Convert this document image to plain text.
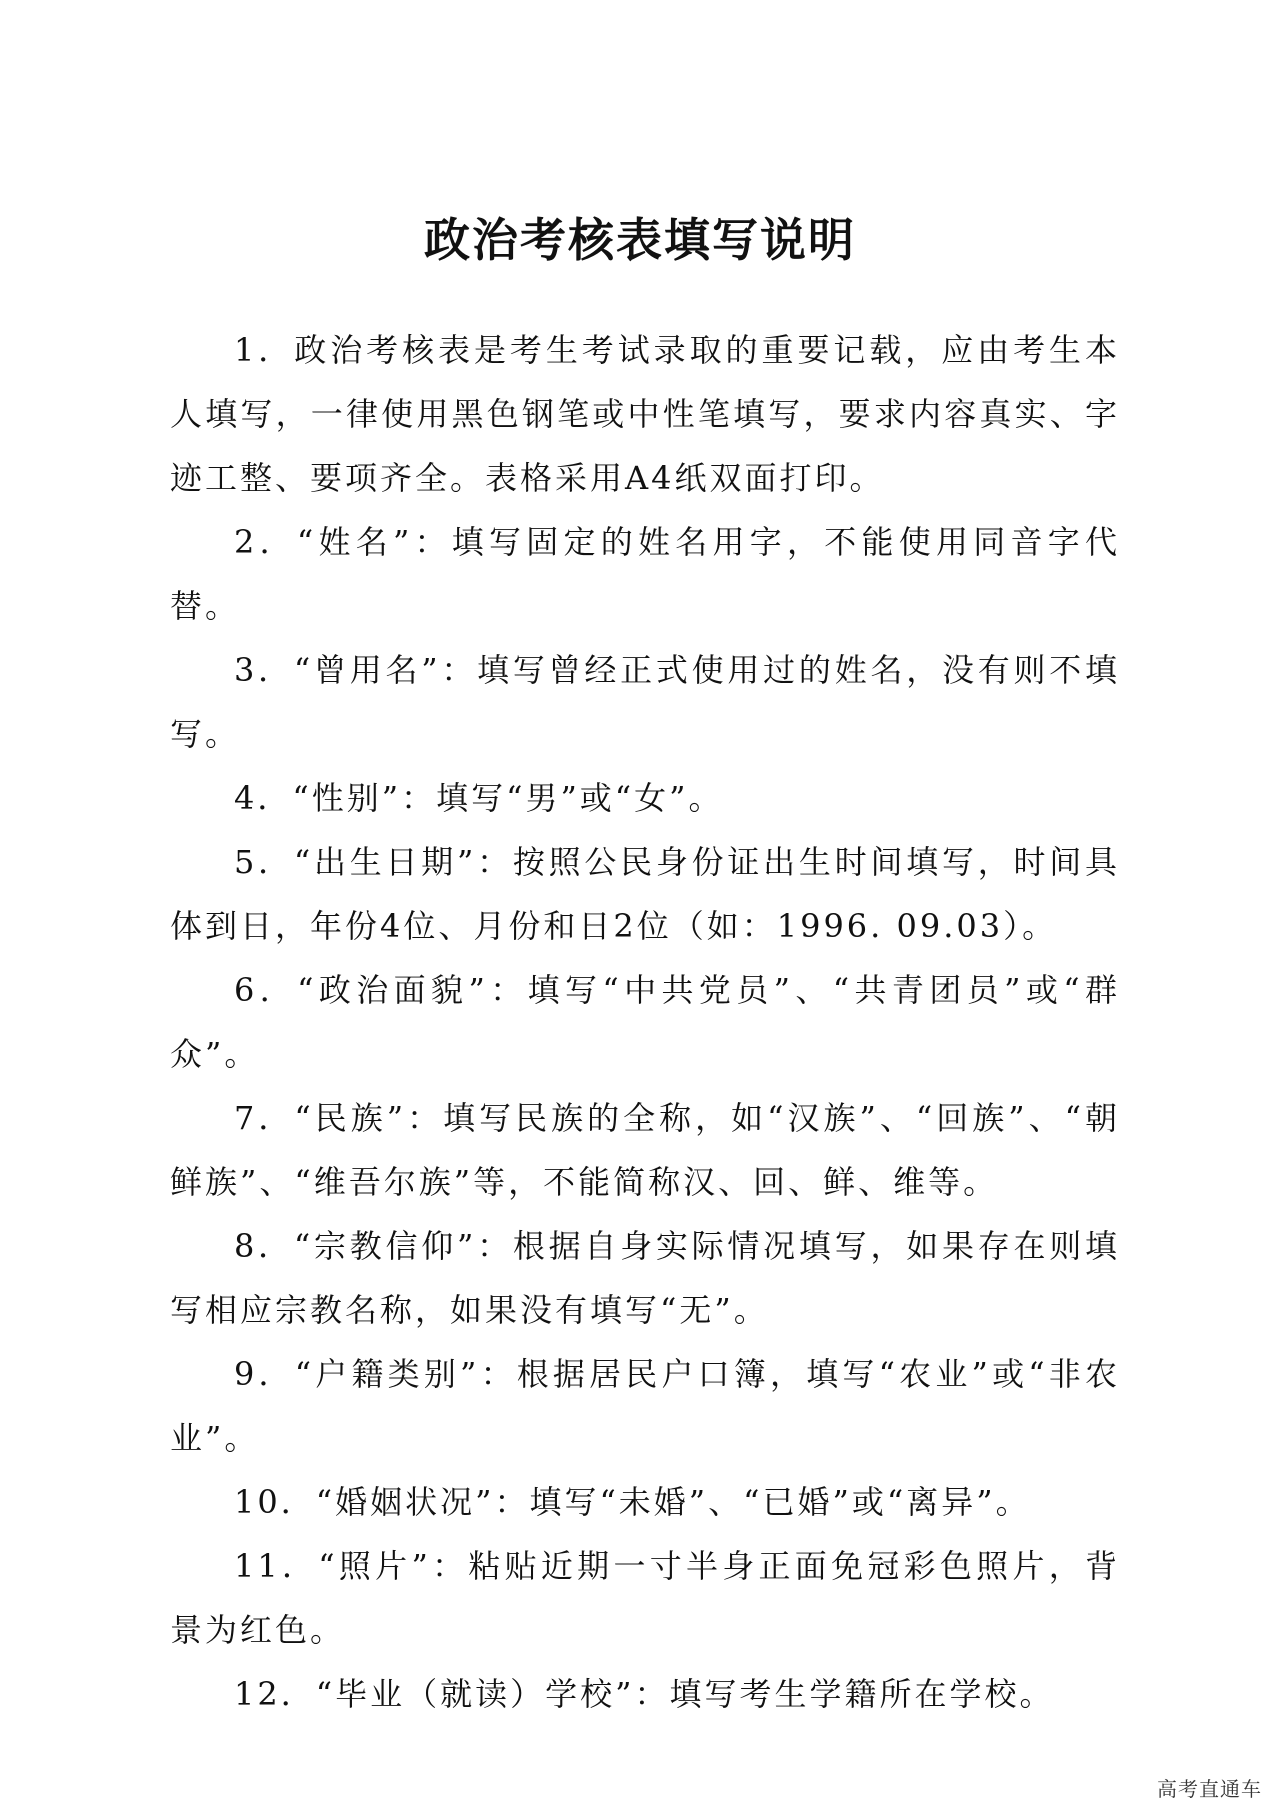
政治考核表填写说明

1．政治考核表是考生考试录取的重要记载，应由考生本人填写，一律使用黑色钢笔或中性笔填写，要求内容真实、字迹工整、要项齐全。表格采用A4纸双面打印。

2．“姓名”：填写固定的姓名用字，不能使用同音字代替。

3．“曾用名”：填写曾经正式使用过的姓名，没有则不填写。

4．“性别”：填写“男”或“女”。

5．“出生日期”：按照公民身份证出生时间填写，时间具体到日，年份4位、月份和日2位（如：1996. 09.03）。

6．“政治面貌”：填写“中共党员”、“共青团员”或“群众”。

7．“民族”：填写民族的全称，如“汉族”、“回族”、“朝鲜族”、“维吾尔族”等，不能简称汉、回、鲜、维等。

8．“宗教信仰”：根据自身实际情况填写，如果存在则填写相应宗教名称，如果没有填写“无”。

9．“户籍类别”：根据居民户口簿，填写“农业”或“非农业”。

10．“婚姻状况”：填写“未婚”、“已婚”或“离异”。

11．“照片”：粘贴近期一寸半身正面免冠彩色照片，背景为红色。

12．“毕业（就读）学校”：填写考生学籍所在学校。

高考直通车
